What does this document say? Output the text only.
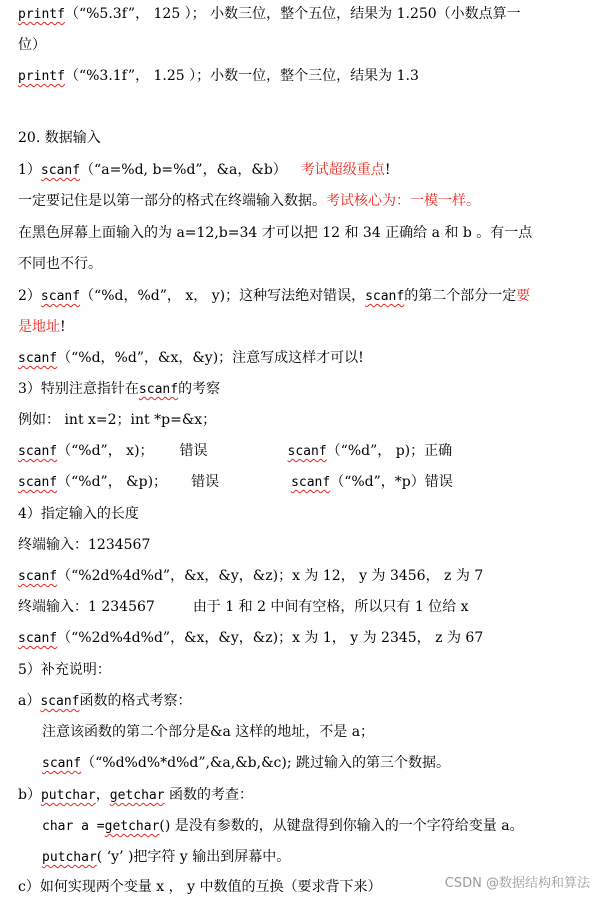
printf（“%5.3f”， 125 ）； 小数三位，整个五位，结果为 1.250（小数点算一
位）
printf（“%3.1f”， 1.25 ）；小数一位，整个三位，结果为 1.3
20. 数据输入
1）scanf（“a=%d, b=%d”，&a，&b） 考试超级重点!
一定要记住是以第一部分的格式在终端输入数据。考试核心为：一模一样。
在黑色屏幕上面输入的为 a=12,b=34 才可以把 12 和 34 正确给 a 和 b 。有一点
不同也不行。
2）scanf（“%d，%d”， x， y)；这种写法绝对错误，scanf的第二个部分一定要
是地址!
scanf（“%d，%d”，&x，&y)；注意写成这样才可以!
3）特别注意指针在scanf的考察
例如： int x=2；int *p=&x；
scanf（“%d”， x)； 错误	scanf（“%d”， p)；正确
scanf（“%d”， &p)； 错误	scanf（“%d”，*p）错误
4）指定输入的长度
终端输入：1234567
scanf（“%2d%4d%d”，&x，&y，&z)；x 为 12， y 为 3456， z 为 7
终端输入：1 234567	由于 1 和 2 中间有空格，所以只有 1 位给 x
scanf（“%2d%4d%d”，&x，&y，&z)；x 为 1， y 为 2345， z 为 67
5）补充说明：
a）scanf函数的格式考察：
注意该函数的第二个部分是&a 这样的地址，不是 a；
scanf（“%d%d%*d%d”,&a,&b,&c); 跳过输入的第三个数据。
b）putchar，getchar 函数的考查：
char a =getchar() 是没有参数的，从键盘得到你输入的一个字符给变量 a。
putchar( ‘y’ )把字符 y 输出到屏幕中。
c）如何实现两个变量 x ， y 中数值的互换（要求背下来）	CSDN @数据结构和算法
